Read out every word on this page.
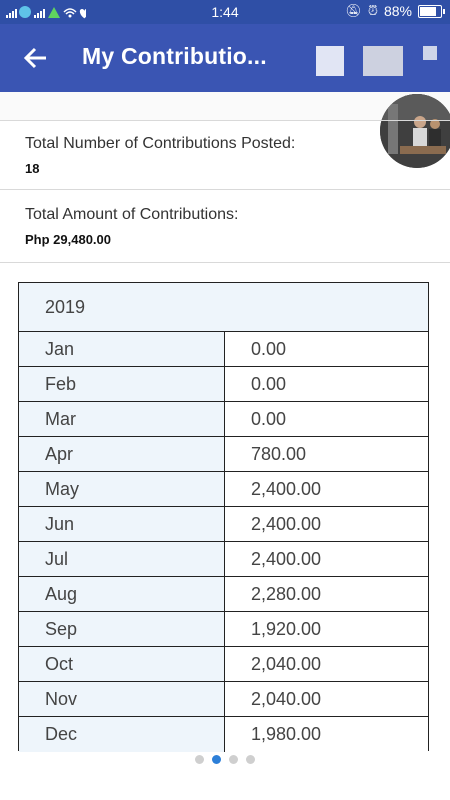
1:44	🔕︎ ⏰︎ 88%
My Contributio...
Total Number of Contributions Posted:
18
Total Amount of Contributions:
Php 29,480.00
2019
Jan	0.00
Feb	0.00
Mar	0.00
Apr	780.00
May	2,400.00
Jun	2,400.00
Jul	2,400.00
Aug	2,280.00
Sep	1,920.00
Oct	2,040.00
Nov	2,040.00
Dec	1,980.00
